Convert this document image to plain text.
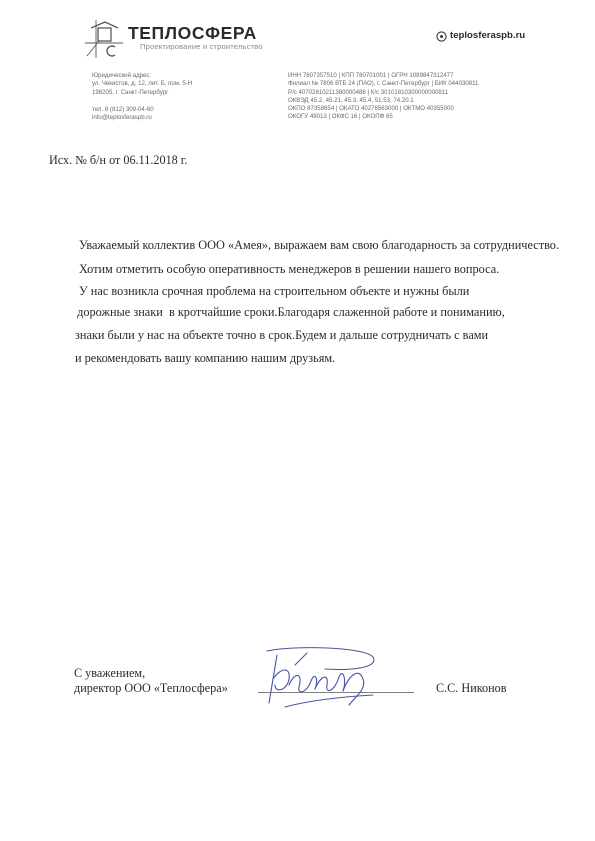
ТЕПЛОСФЕРА
Проектирование и строительство
teplosferaspb.ru
Юридический адрес:
ул. Чекистов, д. 12, лит. Б, пом. 5-Н
198205, г. Санкт-Петербург
тел. 8 (812) 309-04-60
info@teplosferaspb.ru
ИНН 7807357510 | КПП 780701001 | ОГРН 1089847312477
Филиал № 7806 ВТБ 24 (ПАО), г. Санкт-Петербург | БИК 044030811
Р/с 40702810211380000488 | К/с 30101810300000000811
ОКВЭД 45.2, 45.21, 45.3, 45.4, 51.53, 74.20.1
ОКПО 87358654 | ОКАТО 40276563000 | ОКТМО 40355000
ОКОГУ 49013 | ОКФС 16 | ОКОПФ 65
Исх. № б/н от 06.11.2018 г.
Уважаемый коллектив ООО «Амея», выражаем вам свою благодарность за сотрудничество.
Хотим отметить особую оперативность менеджеров в решении нашего вопроса.
У нас возникла срочная проблема на строительном объекте и нужны были
дорожные знаки  в кротчайшие сроки.Благодаря слаженной работе и пониманию,
знаки были у нас на объекте точно в срок.Будем и дальше сотрудничать с вами
и рекомендовать вашу компанию нашим друзьям.
С уважением,
директор ООО «Теплосфера»	С.С. Никонов
